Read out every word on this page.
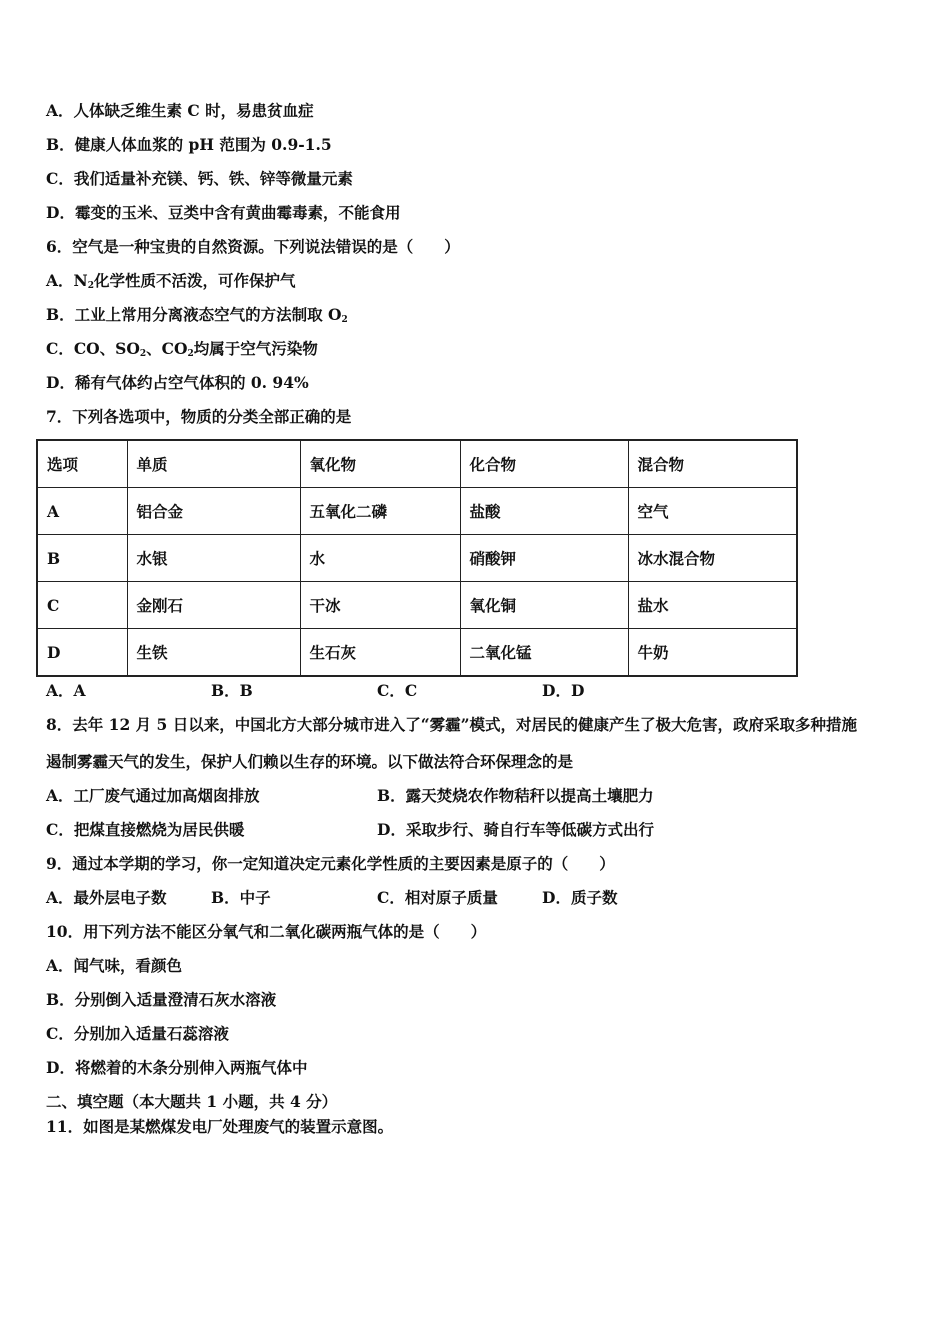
A．人体缺乏维生素 C 时，易患贫血症
B．健康人体血浆的 pH 范围为 0.9-1.5
C．我们适量补充镁、钙、铁、锌等微量元素
D．霉变的玉米、豆类中含有黄曲霉毒素，不能食用
6．空气是一种宝贵的自然资源。下列说法错误的是（　　）
A．$N_2$化学性质不活泼，可作保护气
B．工业上常用分离液态空气的方法制取 $O_2$
C．CO、$SO_2$、$CO_2$均属于空气污染物
D．稀有气体约占空气体积的 0. 94%
7．下列各选项中，物质的分类全部正确的是
选项	单质	氧化物	化合物	混合物
A	铝合金	五氧化二磷	盐酸	空气
B	水银	水	硝酸钾	冰水混合物
C	金刚石	干冰	氧化铜	盐水
D	生铁	生石灰	二氧化锰	牛奶
A．A	B．B	C．C	D．D
8．去年 12 月 5 日以来，中国北方大部分城市进入了“雾霾”模式，对居民的健康产生了极大危害，政府采取多种措施
遏制雾霾天气的发生，保护人们赖以生存的环境。以下做法符合环保理念的是
A．工厂废气通过加高烟囱排放	B．露天焚烧农作物秸秆以提高土壤肥力
C．把煤直接燃烧为居民供暖	D．采取步行、骑自行车等低碳方式出行
9．通过本学期的学习，你一定知道决定元素化学性质的主要因素是原子的（　　）
A．最外层电子数	B．中子	C．相对原子质量	D．质子数
10．用下列方法不能区分氧气和二氧化碳两瓶气体的是（　　）
A．闻气味，看颜色
B．分别倒入适量澄清石灰水溶液
C．分别加入适量石蕊溶液
D．将燃着的木条分别伸入两瓶气体中
二、填空题（本大题共 1 小题，共 4 分）
11．如图是某燃煤发电厂处理废气的装置示意图。
